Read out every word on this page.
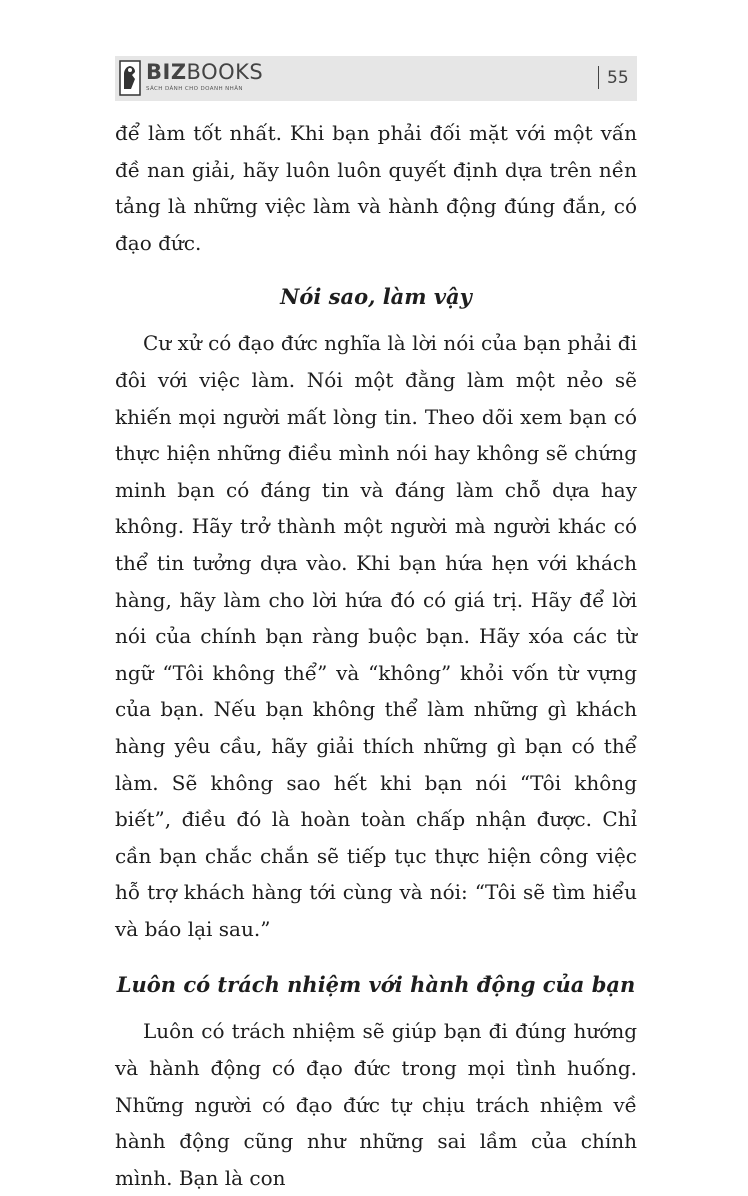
BIZBOOKS
SÁCH DÀNH CHO DOANH NHÂN
55

để làm tốt nhất. Khi bạn phải đối mặt với một vấn đề nan giải, hãy luôn luôn quyết định dựa trên nền tảng là những việc làm và hành động đúng đắn, có đạo đức.

Nói sao, làm vậy

Cư xử có đạo đức nghĩa là lời nói của bạn phải đi đôi với việc làm. Nói một đằng làm một nẻo sẽ khiến mọi người mất lòng tin. Theo dõi xem bạn có thực hiện những điều mình nói hay không sẽ chứng minh bạn có đáng tin và đáng làm chỗ dựa hay không. Hãy trở thành một người mà người khác có thể tin tưởng dựa vào. Khi bạn hứa hẹn với khách hàng, hãy làm cho lời hứa đó có giá trị. Hãy để lời nói của chính bạn ràng buộc bạn. Hãy xóa các từ ngữ “Tôi không thể” và “không” khỏi vốn từ vựng của bạn. Nếu bạn không thể làm những gì khách hàng yêu cầu, hãy giải thích những gì bạn có thể làm. Sẽ không sao hết khi bạn nói “Tôi không biết”, điều đó là hoàn toàn chấp nhận được. Chỉ cần bạn chắc chắn sẽ tiếp tục thực hiện công việc hỗ trợ khách hàng tới cùng và nói: “Tôi sẽ tìm hiểu và báo lại sau.”

Luôn có trách nhiệm với hành động của bạn

Luôn có trách nhiệm sẽ giúp bạn đi đúng hướng và hành động có đạo đức trong mọi tình huống. Những người có đạo đức tự chịu trách nhiệm về hành động cũng như những sai lầm của chính mình. Bạn là con
